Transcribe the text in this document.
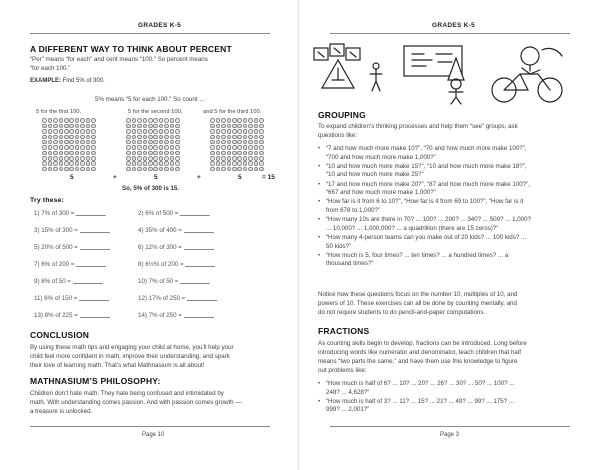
GRADES K-5
A DIFFERENT WAY TO THINK ABOUT PERCENT
“Per” means “for each” and cent means “100.” So percent means
“for each 100.”
EXAMPLE: Find 5% of 300.
5% means “5 for each 100.” So count ...
5 for the first 100,	5 for the second 100,	and 5 for the third 100.
5	+	5	+	5	= 15
So, 5% of 300 is 15.
Try these:
1) 7% of 300 =	2) 6% of 500 =
3) 15% of 300 =	4) 35% of 400 =
5) 20% of 500 =	6) 12% of 300 =
7) 6% of 200 =	8) 6½% of 200 =
9) 8% of 50 =	10) 7% of 50 =
11) 6% of 150 =	12) 17% of 250 =
13) 8% of 225 =	14) 7% of 250 =
CONCLUSION
By using these math tips and engaging your child at home, you’ll help your
child feel more confident in math, improve their understanding, and spark
their love of learning math. That’s what Mathnasium is all about!
MATHNASIUM’S PHILOSOPHY:
Children don’t hate math. They hate being confused and intimidated by
math. With understanding comes passion. And with passion comes growth —
a treasure is unlocked.
Page 10
GRADES K-5
GROUPING
To expand children’s thinking processes and help them “see” groups, ask
questions like:
• “7 and how much more make 10?”, “70 and how much more make 100?”,
“700 and how much more make 1,000?”
• “10 and how much more make 15?”, “10 and how much more make 18?”,
“10 and how much more make 25?”
• “17 and how much more make 20?”, “87 and how much more make 100?”,
“667 and how much more make 1,000?”
• “How far is it from 6 to 10?”, “How far is it from 69 to 100?”, “How far is it
from 678 to 1,000?”
• “How many 10s are there in 70? ... 100? ... 200? ... 340? ... 500? ... 1,000?
... 10,000? ... 1,000,000? ... a quadrillion (there are 15 zeros)?”
• “How many 4-person teams can you make out of 20 kids? ... 100 kids? ...
50 kids?”
• “How much is 5, four times? ... ten times? ... a hundred times? ... a
thousand times?”
Notice how these questions focus on the number 10, multiples of 10, and
powers of 10. These exercises can all be done by counting mentally, and
do not require students to do pencil-and-paper computations.
FRACTIONS
As counting skills begin to develop, fractions can be introduced. Long before
introducing words like numerator and denominator, teach children that half
means “two parts the same,” and have them use this knowledge to figure
out problems like:
• “How much is half of 6? ... 10? ... 20? ... 26? ... 30? ... 50? ... 100? ...
248? ... 4,628?”
• “How much is half of 3? ... 11? ... 15? ... 21? ... 49? ... 99? ... 175? ...
999? ... 2,001?”
Page 3
